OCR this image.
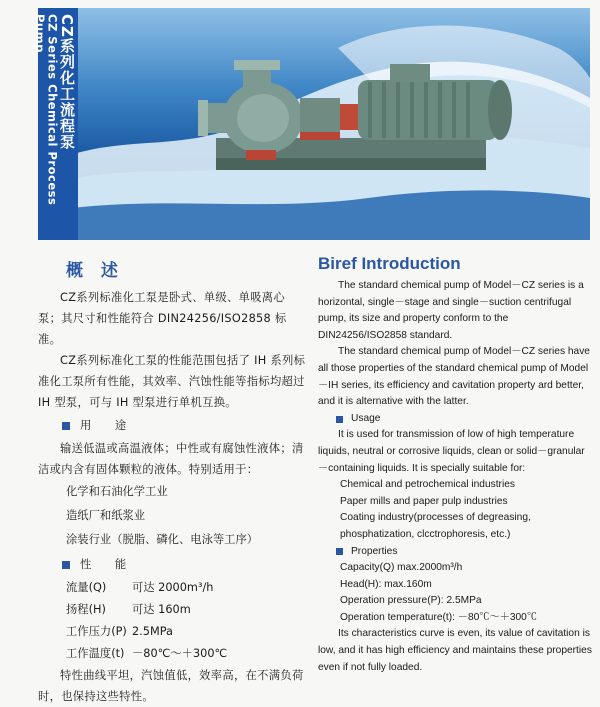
CZ系列化工流程泵
CZ Series Chemical Process Pump
概 述

CZ系列标准化工泵是卧式、单级、单吸离心泵；其尺寸和性能符合 DIN24256/ISO2858 标准。

CZ系列标准化工泵的性能范围包括了 IH 系列标准化工泵所有性能，其效率、汽蚀性能等指标均超过 IH 型泵，可与 IH 型泵进行单机互换。

用 途

输送低温或高温液体；中性或有腐蚀性液体；清洁或内含有固体颗粒的液体。特别适用于：

化学和石油化学工业
造纸厂和纸浆业
涂装行业（脱脂、磷化、电泳等工序）
性 能
流量(Q)	可达 2000m³/h
扬程(H)	可达 160m
工作压力(P) 2.5MPa
工作温度(t) －80℃～＋300℃

特性曲线平坦，汽蚀值低，效率高，在不满负荷时，也保持这些特性。

Biref Introduction

The standard chemical pump of Model－CZ series is a horizontal, single－stage and single－suction centrifugal pump, its size and property conform to the DIN24256/ISO2858 standard.

The standard chemical pump of Model－CZ series have all those properties of the standard chemical pump of Model－IH series, its efficiency and cavitation property ard better, and it is alternative with the latter.

Usage

It is used for transmission of low of high temperature liquids, neutral or corrosive liquids, clean or solid－granular－containing liquids. It is specially suitable for:

Chemical and petrochemical industries
Paper mills and paper pulp industries
Coating industry(processes of degreasing, phosphatization, clcctrophoresis, etc.)
Properties
Capacity(Q) max.2000m³/h
Head(H): max.160m
Operation pressure(P): 2.5MPa
Operation temperature(t): －80℃～＋300℃

Its characteristics curve is even, its value of cavitation is low, and it has high efficiency and maintains these properties even if not fully loaded.
